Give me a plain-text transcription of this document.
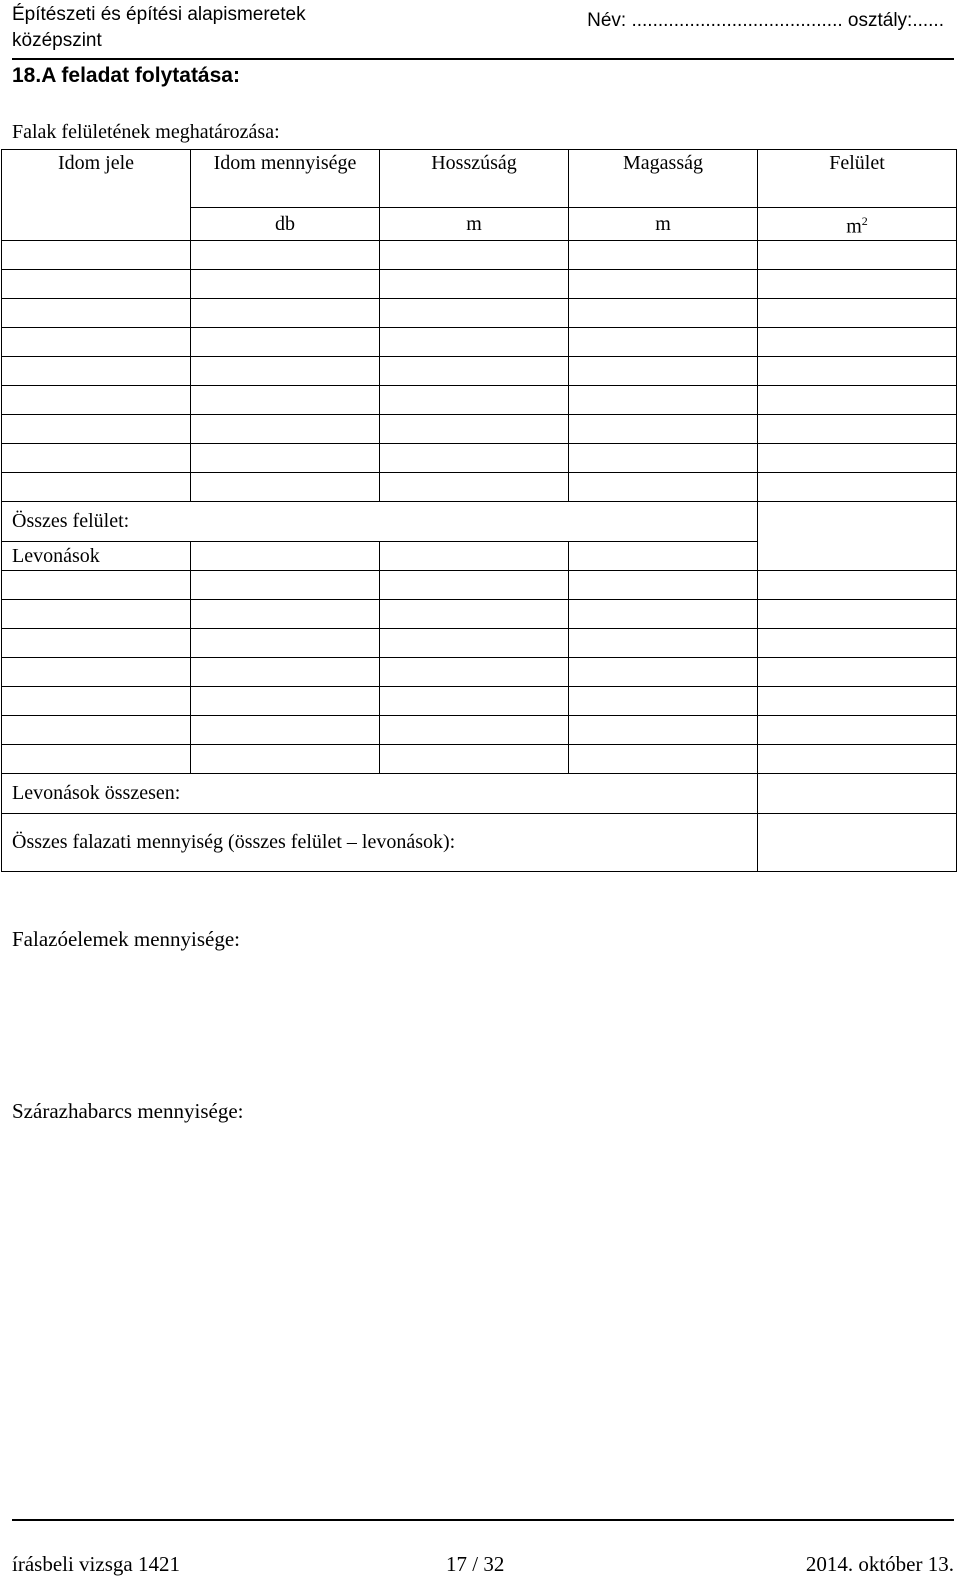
Építészeti és építési alapismeretek
középszint
Név: ........................................ osztály:......
18.A feladat folytatása:
Falak felületének meghatározása:
Idom jele	Idom mennyisége	Hosszúság	Magasság	Felület
	db	m	m	$m^2$

Összes felület:				
Levonások				

Levonások összesen:				
Összes falazati mennyiség (összes felület – levonások):				
Falazóelemek mennyisége:
Szárazhabarcs mennyisége:
írásbeli vizsga 1421	17 / 32	2014. október 13.
